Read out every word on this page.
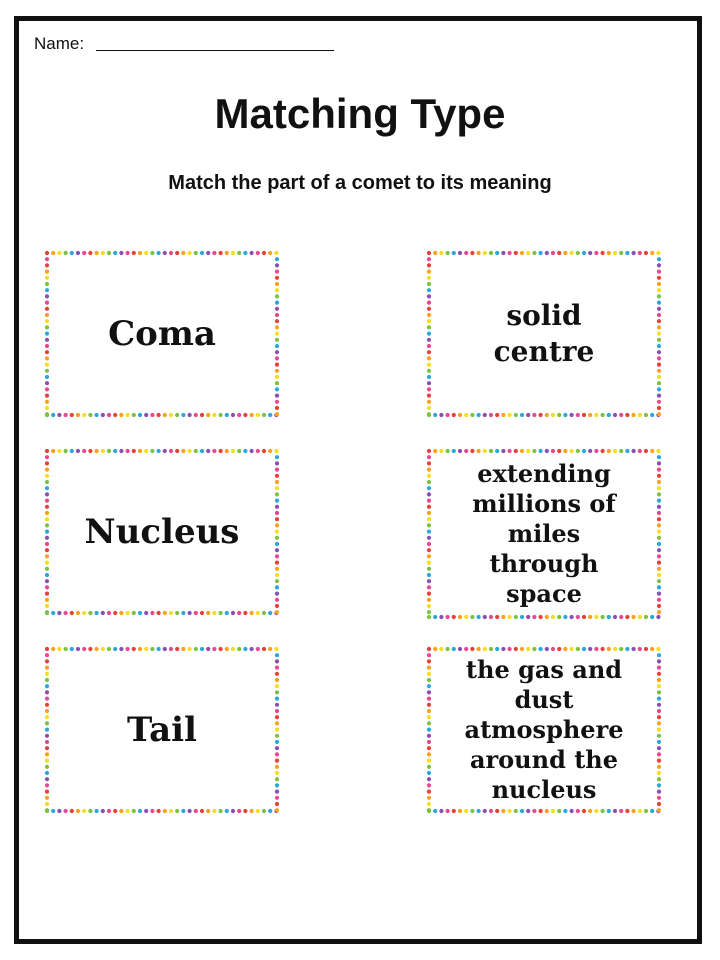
Name:
Matching Type

Match the part of a comet to its meaning

Coma
Nucleus
Tail
solid centre
extending millions of miles through space
the gas and dust atmosphere around the nucleus
